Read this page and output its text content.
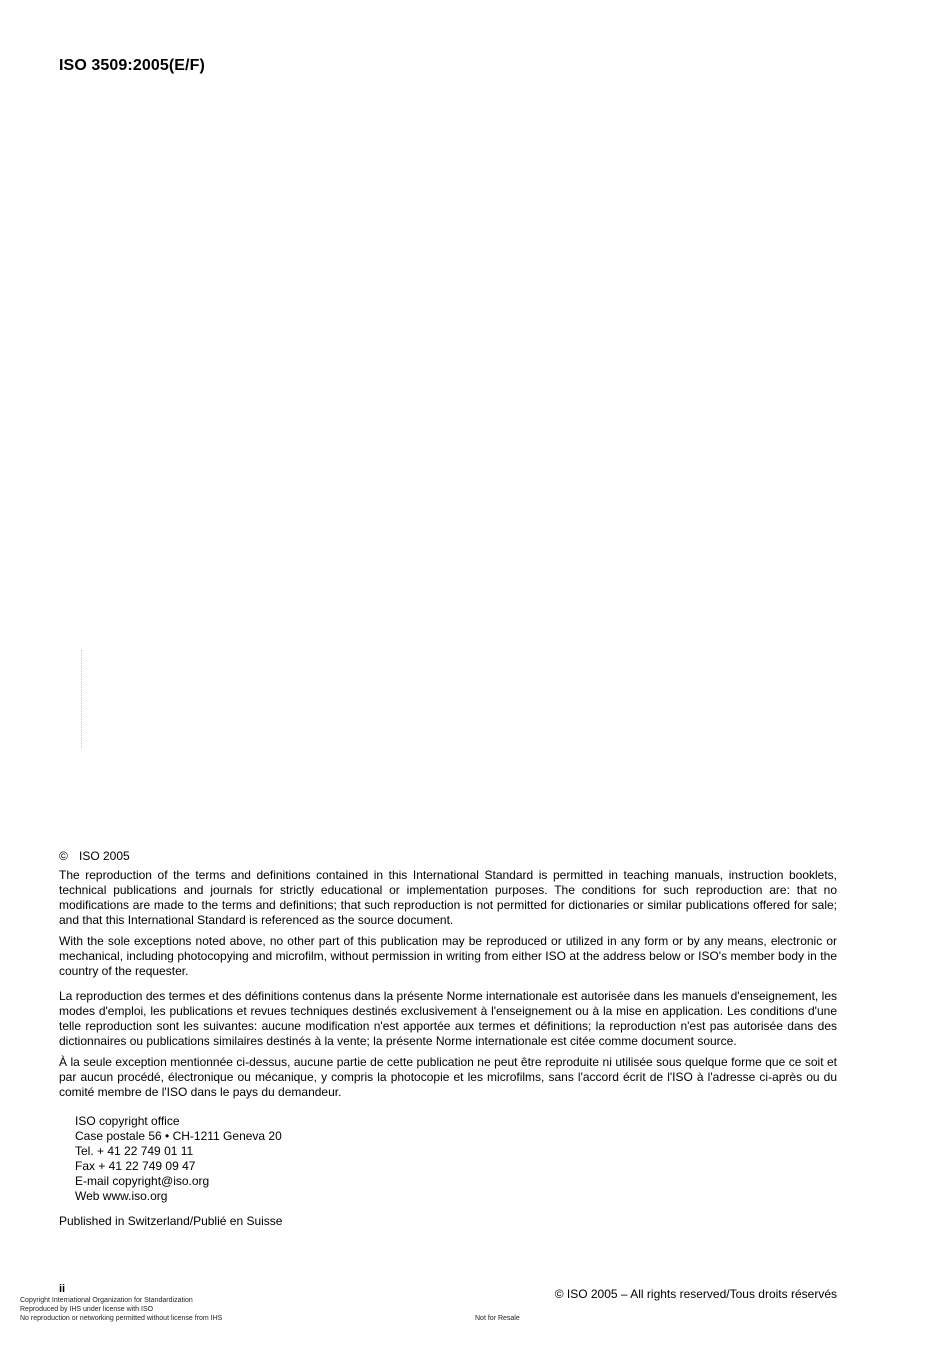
ISO 3509:2005(E/F)
© ISO 2005

The reproduction of the terms and definitions contained in this International Standard is permitted in teaching manuals, instruction booklets, technical publications and journals for strictly educational or implementation purposes. The conditions for such reproduction are: that no modifications are made to the terms and definitions; that such reproduction is not permitted for dictionaries or similar publications offered for sale; and that this International Standard is referenced as the source document.

With the sole exceptions noted above, no other part of this publication may be reproduced or utilized in any form or by any means, electronic or mechanical, including photocopying and microfilm, without permission in writing from either ISO at the address below or ISO's member body in the country of the requester.

La reproduction des termes et des définitions contenus dans la présente Norme internationale est autorisée dans les manuels d'enseignement, les modes d'emploi, les publications et revues techniques destinés exclusivement à l'enseignement ou à la mise en application. Les conditions d'une telle reproduction sont les suivantes: aucune modification n'est apportée aux termes et définitions; la reproduction n'est pas autorisée dans des dictionnaires ou publications similaires destinés à la vente; la présente Norme internationale est citée comme document source.

À la seule exception mentionnée ci-dessus, aucune partie de cette publication ne peut être reproduite ni utilisée sous quelque forme que ce soit et par aucun procédé, électronique ou mécanique, y compris la photocopie et les microfilms, sans l'accord écrit de l'ISO à l'adresse ci-après ou du comité membre de l'ISO dans le pays du demandeur.

ISO copyright office
Case postale 56 • CH-1211 Geneva 20
Tel. + 41 22 749 01 11
Fax + 41 22 749 09 47
E-mail copyright@iso.org
Web www.iso.org
Published in Switzerland/Publié en Suisse
ii	© ISO 2005 – All rights reserved/Tous droits réservés
Copyright International Organization for Standardization
Reproduced by IHS under license with ISO
No reproduction or networking permitted without license from IHS	Not for Resale
